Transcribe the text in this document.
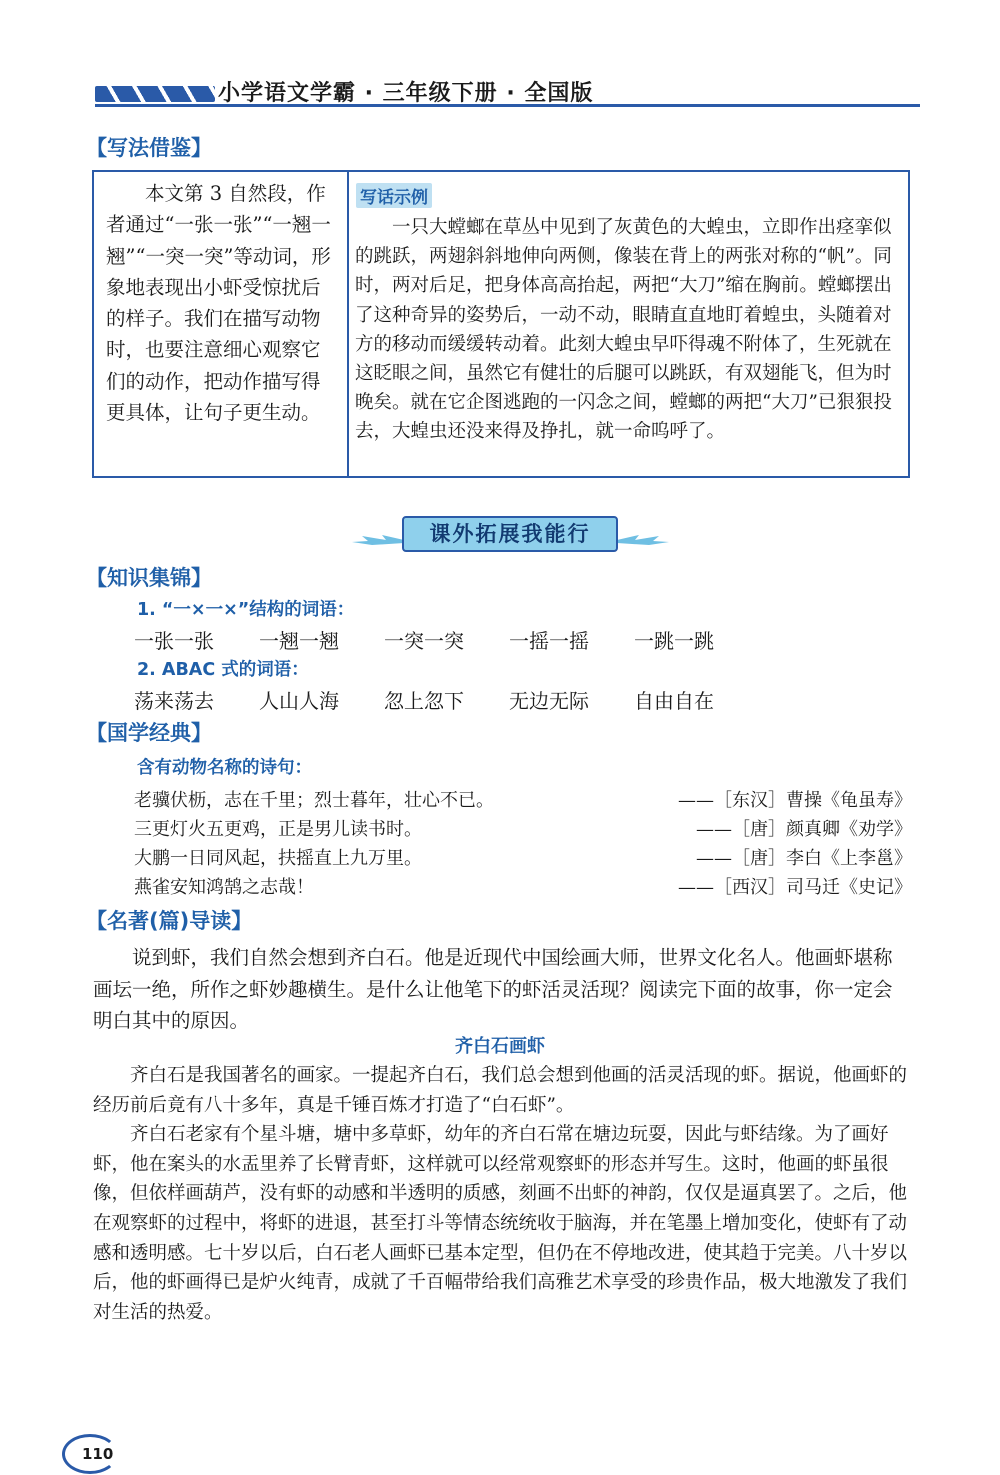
小学语文学霸 · 三年级下册 · 全国版
【写法借鉴】
本文第 3 自然段，作者通过“一张一张”“一翘一翘”“一突一突”等动词，形象地表现出小虾受惊扰后的样子。我们在描写动物时，也要注意细心观察它们的动作，把动作描写得更具体，让句子更生动。
写话示例
一只大螳螂在草丛中见到了灰黄色的大蝗虫，立即作出痉挛似的跳跃，两翅斜斜地伸向两侧，像装在背上的两张对称的“帆”。同时，两对后足，把身体高高抬起，两把“大刀”缩在胸前。螳螂摆出了这种奇异的姿势后，一动不动，眼睛直直地盯着蝗虫，头随着对方的移动而缓缓转动着。此刻大蝗虫早吓得魂不附体了，生死就在这眨眼之间，虽然它有健壮的后腿可以跳跃，有双翅能飞，但为时晚矣。就在它企图逃跑的一闪念之间，螳螂的两把“大刀”已狠狠投去，大蝗虫还没来得及挣扎，就一命呜呼了。
课外拓展我能行
【知识集锦】
1. “一×一×”结构的词语：
一张一张 一翘一翘 一突一突 一摇一摇 一跳一跳
2. ABAC 式的词语：
荡来荡去 人山人海 忽上忽下 无边无际 自由自在
【国学经典】
含有动物名称的诗句：
老骥伏枥，志在千里；烈士暮年，壮心不已。	——［东汉］曹操《龟虽寿》
三更灯火五更鸡，正是男儿读书时。	——［唐］颜真卿《劝学》
大鹏一日同风起，扶摇直上九万里。	——［唐］李白《上李邕》
燕雀安知鸿鹄之志哉！	——［西汉］司马迁《史记》
【名著(篇)导读】
说到虾，我们自然会想到齐白石。他是近现代中国绘画大师，世界文化名人。他画虾堪称画坛一绝，所作之虾妙趣横生。是什么让他笔下的虾活灵活现？阅读完下面的故事，你一定会明白其中的原因。
齐白石画虾

齐白石是我国著名的画家。一提起齐白石，我们总会想到他画的活灵活现的虾。据说，他画虾的经历前后竟有八十多年，真是千锤百炼才打造了“白石虾”。

齐白石老家有个星斗塘，塘中多草虾，幼年的齐白石常在塘边玩耍，因此与虾结缘。为了画好虾，他在案头的水盂里养了长臂青虾，这样就可以经常观察虾的形态并写生。这时，他画的虾虽很像，但依样画葫芦，没有虾的动感和半透明的质感，刻画不出虾的神韵，仅仅是逼真罢了。之后，他在观察虾的过程中，将虾的进退，甚至打斗等情态统统收于脑海，并在笔墨上增加变化，使虾有了动感和透明感。七十岁以后，白石老人画虾已基本定型，但仍在不停地改进，使其趋于完美。八十岁以后，他的虾画得已是炉火纯青，成就了千百幅带给我们高雅艺术享受的珍贵作品，极大地激发了我们对生活的热爱。

110
